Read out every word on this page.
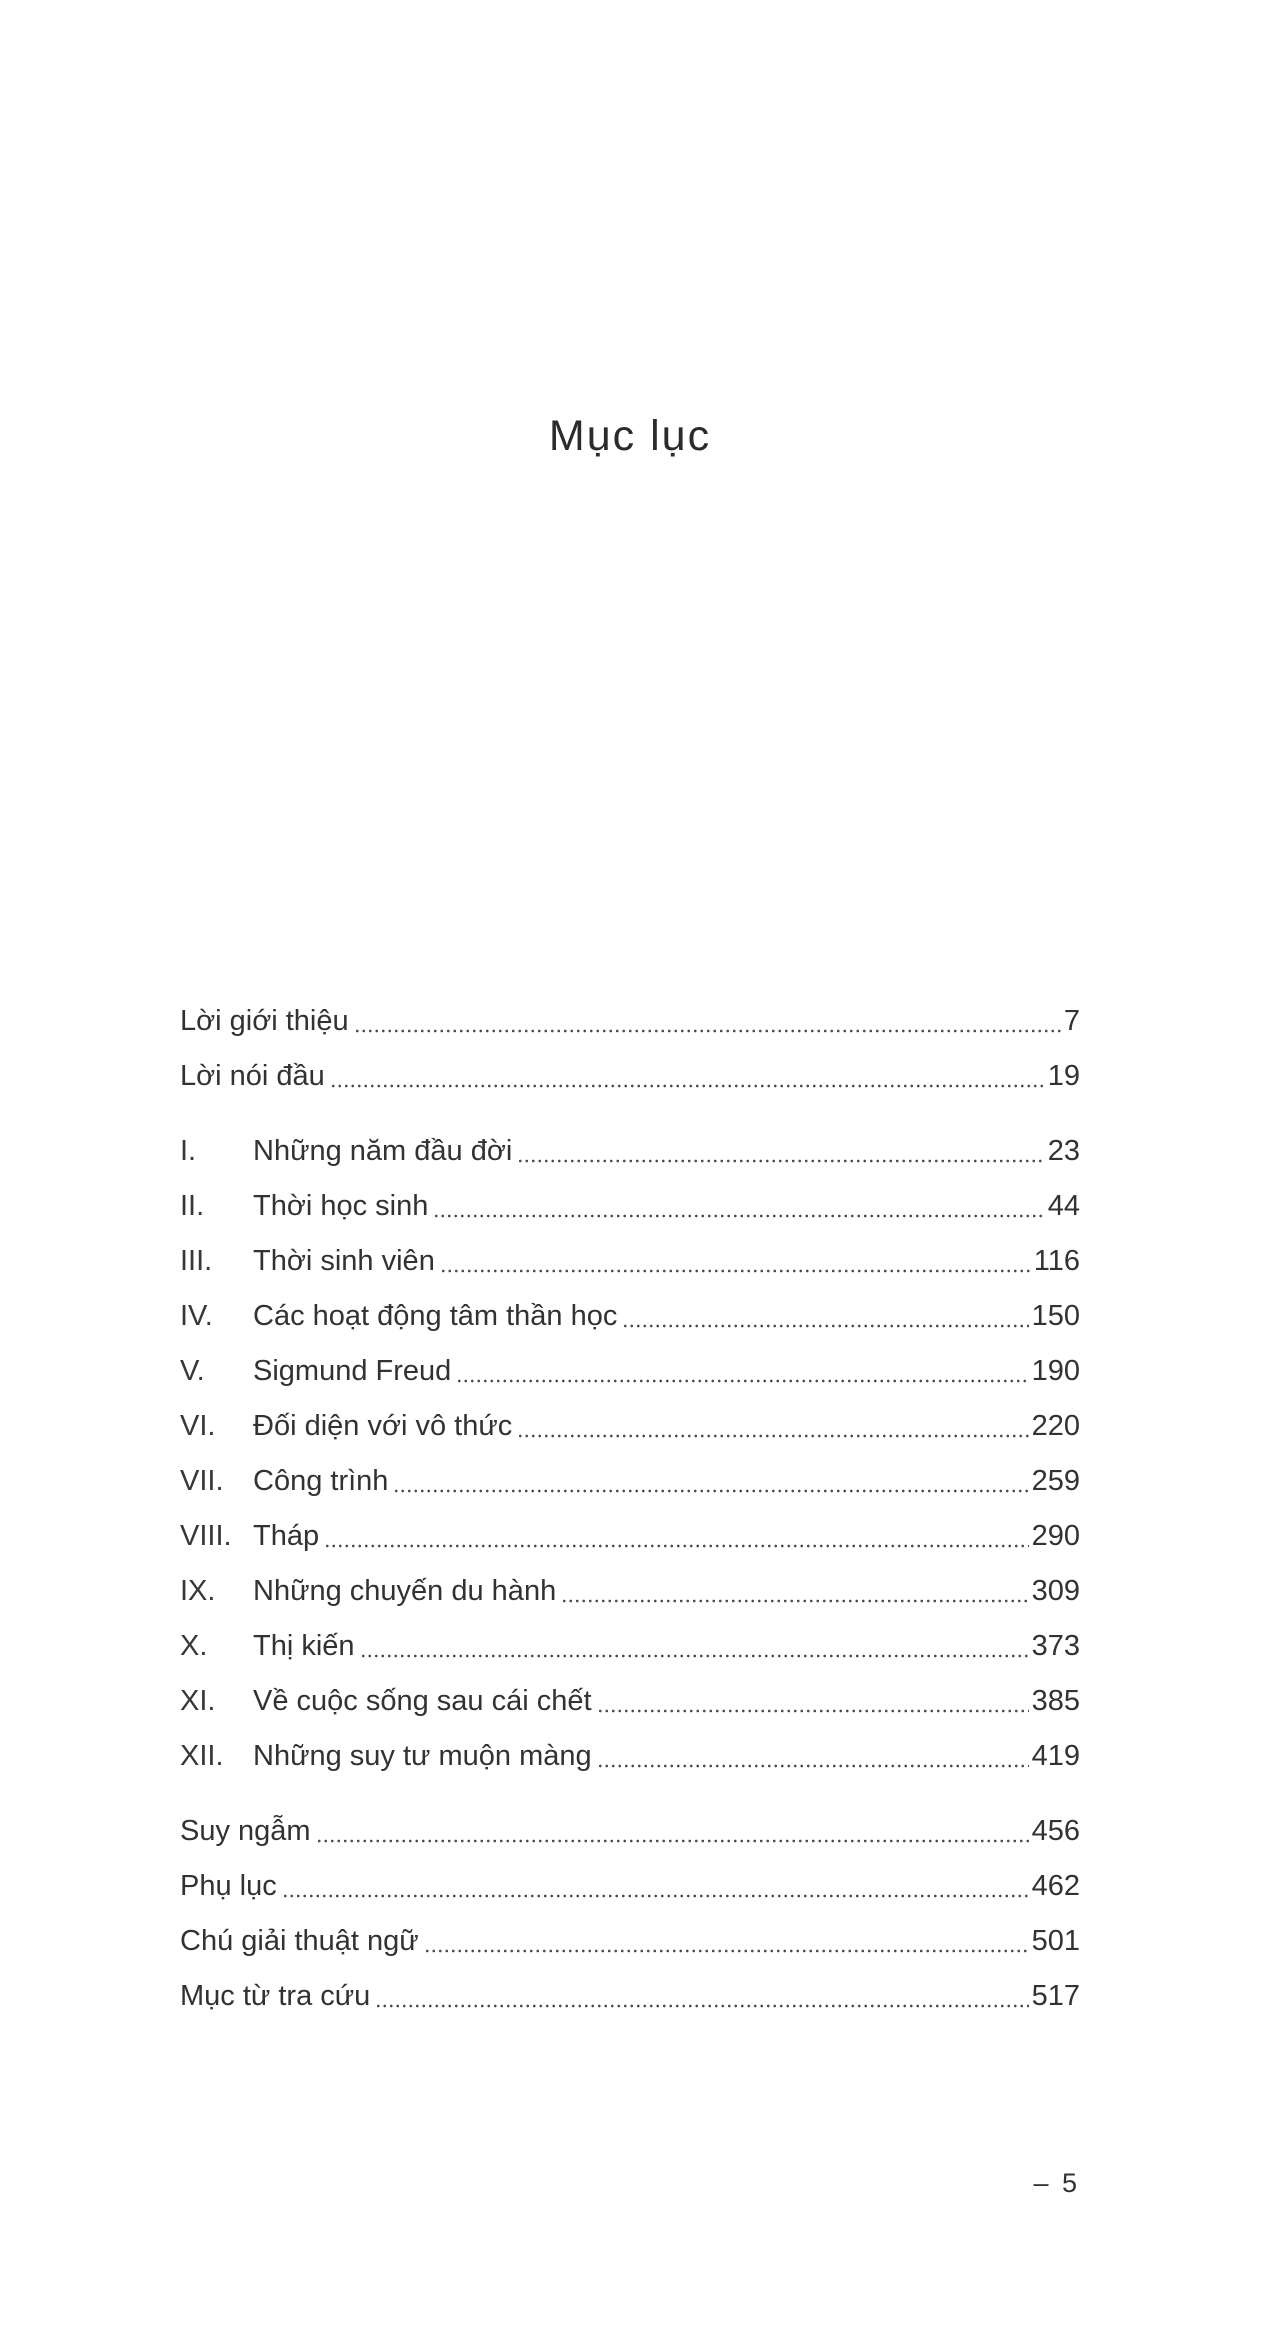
Mục lục
Lời giới thiệu	7
Lời nói đầu	19
I.	Những năm đầu đời	23
II.	Thời học sinh	44
III.	Thời sinh viên	116
IV.	Các hoạt động tâm thần học	150
V.	Sigmund Freud	190
VI.	Đối diện với vô thức	220
VII.	Công trình	259
VIII. Tháp	290
IX.	Những chuyến du hành	309
X.	Thị kiến	373
XI.	Về cuộc sống sau cái chết	385
XII.	Những suy tư muộn màng	419
Suy ngẫm	456
Phụ lục	462
Chú giải thuật ngữ	501
Mục từ tra cứu	517
– 5
